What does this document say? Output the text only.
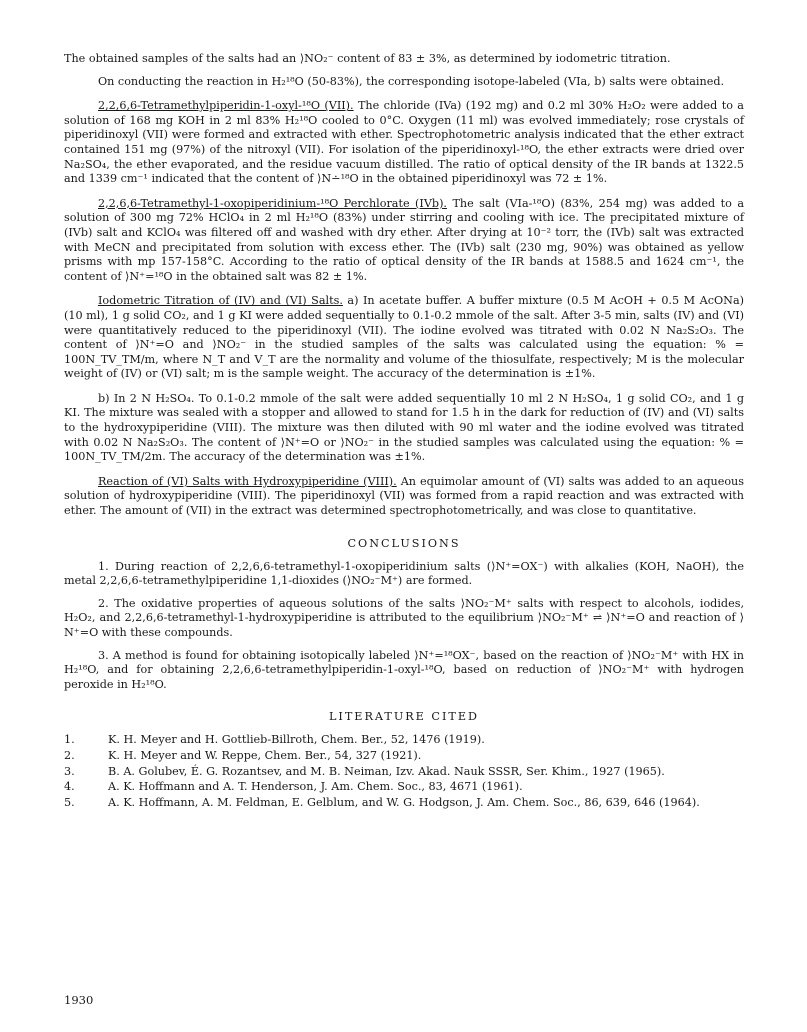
The obtained samples of the salts had an ⟩NO₂⁻ content of 83 ± 3%, as determined by iodometric titration.

On conducting the reaction in H₂¹⁸O (50-83%), the corresponding isotope-labeled (VIa, b) salts were obtained.

2,2,6,6-Tetramethylpiperidin-1-oxyl-¹⁸O (VII). The chloride (IVa) (192 mg) and 0.2 ml 30% H₂O₂ were added to a solution of 168 mg KOH in 2 ml 83% H₂¹⁸O cooled to 0°C. Oxygen (11 ml) was evolved immediately; rose crystals of piperidinoxyl (VII) were formed and extracted with ether. Spectrophotometric analysis indicated that the ether extract contained 151 mg (97%) of the nitroxyl (VII). For isolation of the piperidinoxyl-¹⁸O, the ether extracts were dried over Na₂SO₄, the ether evaporated, and the residue vacuum distilled. The ratio of optical density of the IR bands at 1322.5 and 1339 cm⁻¹ indicated that the content of ⟩N∸¹⁸O in the obtained piperidinoxyl was 72 ± 1%.

2,2,6,6-Tetramethyl-1-oxopiperidinium-¹⁸O Perchlorate (IVb). The salt (VIa-¹⁸O) (83%, 254 mg) was added to a solution of 300 mg 72% HClO₄ in 2 ml H₂¹⁸O (83%) under stirring and cooling with ice. The precipitated mixture of (IVb) salt and KClO₄ was filtered off and washed with dry ether. After drying at 10⁻² torr, the (IVb) salt was extracted with MeCN and precipitated from solution with excess ether. The (IVb) salt (230 mg, 90%) was obtained as yellow prisms with mp 157-158°C. According to the ratio of optical density of the IR bands at 1588.5 and 1624 cm⁻¹, the content of ⟩N⁺=¹⁸O in the obtained salt was 82 ± 1%.

Iodometric Titration of (IV) and (VI) Salts. a) In acetate buffer. A buffer mixture (0.5 M AcOH + 0.5 M AcONa) (10 ml), 1 g solid CO₂, and 1 g KI were added sequentially to 0.1-0.2 mmole of the salt. After 3-5 min, salts (IV) and (VI) were quantitatively reduced to the piperidinoxyl (VII). The iodine evolved was titrated with 0.02 N Na₂S₂O₃. The content of ⟩N⁺=O and ⟩NO₂⁻ in the studied samples of the salts was calculated using the equation: % = 100N_TV_TM/m, where N_T and V_T are the normality and volume of the thiosulfate, respectively; M is the molecular weight of (IV) or (VI) salt; m is the sample weight. The accuracy of the determination is ±1%.

b) In 2 N H₂SO₄. To 0.1-0.2 mmole of the salt were added sequentially 10 ml 2 N H₂SO₄, 1 g solid CO₂, and 1 g KI. The mixture was sealed with a stopper and allowed to stand for 1.5 h in the dark for reduction of (IV) and (VI) salts to the hydroxypiperidine (VIII). The mixture was then diluted with 90 ml water and the iodine evolved was titrated with 0.02 N Na₂S₂O₃. The content of ⟩N⁺=O or ⟩NO₂⁻ in the studied samples was calculated using the equation: % = 100N_TV_TM/2m. The accuracy of the determination was ±1%.

Reaction of (VI) Salts with Hydroxypiperidine (VIII). An equimolar amount of (VI) salts was added to an aqueous solution of hydroxypiperidine (VIII). The piperidinoxyl (VII) was formed from a rapid reaction and was extracted with ether. The amount of (VII) in the extract was determined spectrophotometrically, and was close to quantitative.

CONCLUSIONS

1. During reaction of 2,2,6,6-tetramethyl-1-oxopiperidinium salts (⟩N⁺=OX⁻) with alkalies (KOH, NaOH), the metal 2,2,6,6-tetramethylpiperidine 1,1-dioxides (⟩NO₂⁻M⁺) are formed.

2. The oxidative properties of aqueous solutions of the salts ⟩NO₂⁻M⁺ salts with respect to alcohols, iodides, H₂O₂, and 2,2,6,6-tetramethyl-1-hydroxypiperidine is attributed to the equilibrium ⟩NO₂⁻M⁺ ⇌ ⟩N⁺=O and reaction of ⟩N⁺=O with these compounds.

3. A method is found for obtaining isotopically labeled ⟩N⁺=¹⁸OX⁻, based on the reaction of ⟩NO₂⁻M⁺ with HX in H₂¹⁸O, and for obtaining 2,2,6,6-tetramethylpiperidin-1-oxyl-¹⁸O, based on reduction of ⟩NO₂⁻M⁺ with hydrogen peroxide in H₂¹⁸O.

LITERATURE CITED
1.	K. H. Meyer and H. Gottlieb-Billroth, Chem. Ber., 52, 1476 (1919).
2.	K. H. Meyer and W. Reppe, Chem. Ber., 54, 327 (1921).
3.	B. A. Golubev, É. G. Rozantsev, and M. B. Neiman, Izv. Akad. Nauk SSSR, Ser. Khim., 1927 (1965).
4.	A. K. Hoffmann and A. T. Henderson, J. Am. Chem. Soc., 83, 4671 (1961).
5.	A. K. Hoffmann, A. M. Feldman, E. Gelblum, and W. G. Hodgson, J. Am. Chem. Soc., 86, 639, 646 (1964).
1930
